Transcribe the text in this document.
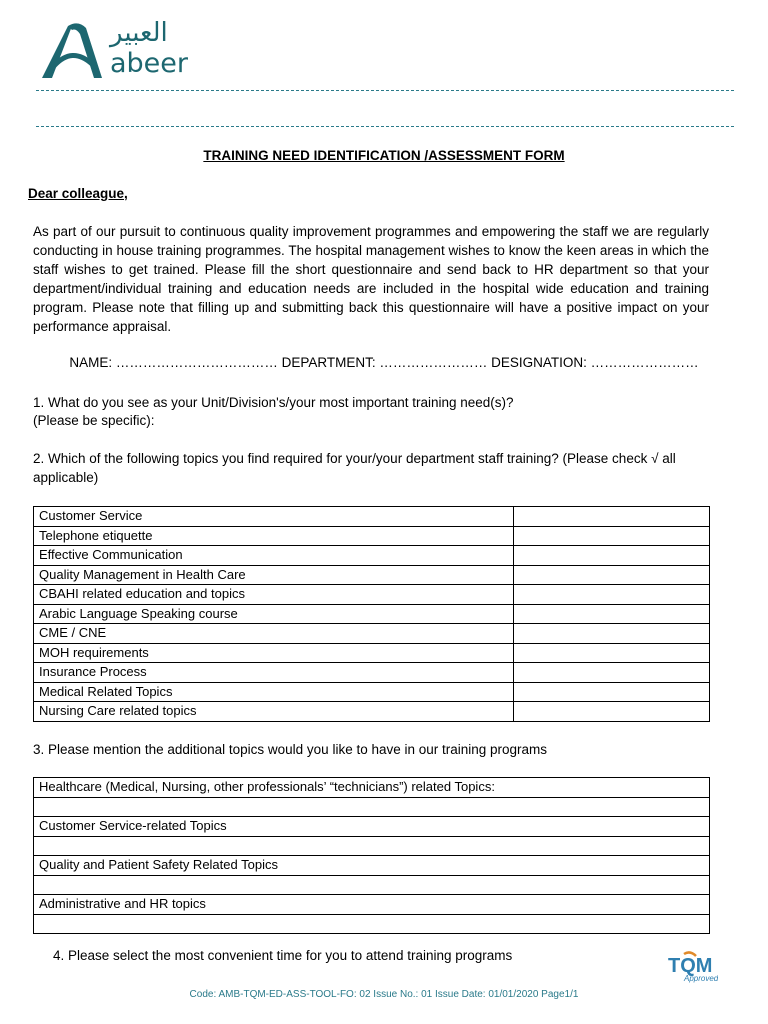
العبير
abeer
TRAINING NEED IDENTIFICATION /ASSESSMENT FORM
Dear colleague,
As part of our pursuit to continuous quality improvement programmes and empowering the staff we are regularly conducting in house training programmes. The hospital management wishes to know the keen areas in which the staff wishes to get trained. Please fill the short questionnaire and send back to HR department so that your department/individual training and education needs are included in the hospital wide education and training program. Please note that filling up and submitting back this questionnaire will have a positive impact on your performance appraisal.
NAME: ……………………………… DEPARTMENT: …………………… DESIGNATION: ……………………
1. What do you see as your Unit/Division's/your most important training need(s)?
(Please be specific):
2. Which of the following topics you find required for your/your department staff training? (Please check √ all applicable)
Customer Service	
Telephone etiquette	
Effective Communication	
Quality Management in Health Care	
CBAHI related education and topics	
Arabic Language Speaking course	
CME / CNE	
MOH requirements	
Insurance Process	
Medical Related Topics	
Nursing Care related topics	
3. Please mention the additional topics would you like to have in our training programs
Healthcare (Medical, Nursing, other professionals’ “technicians”) related Topics:

Customer Service-related Topics

Quality and Patient Safety Related Topics

Administrative and HR topics

4. Please select the most convenient time for you to attend training programs	TQM
Approved
Code: AMB-TQM-ED-ASS-TOOL-FO: 02 Issue No.: 01 Issue Date: 01/01/2020 Page1/1
